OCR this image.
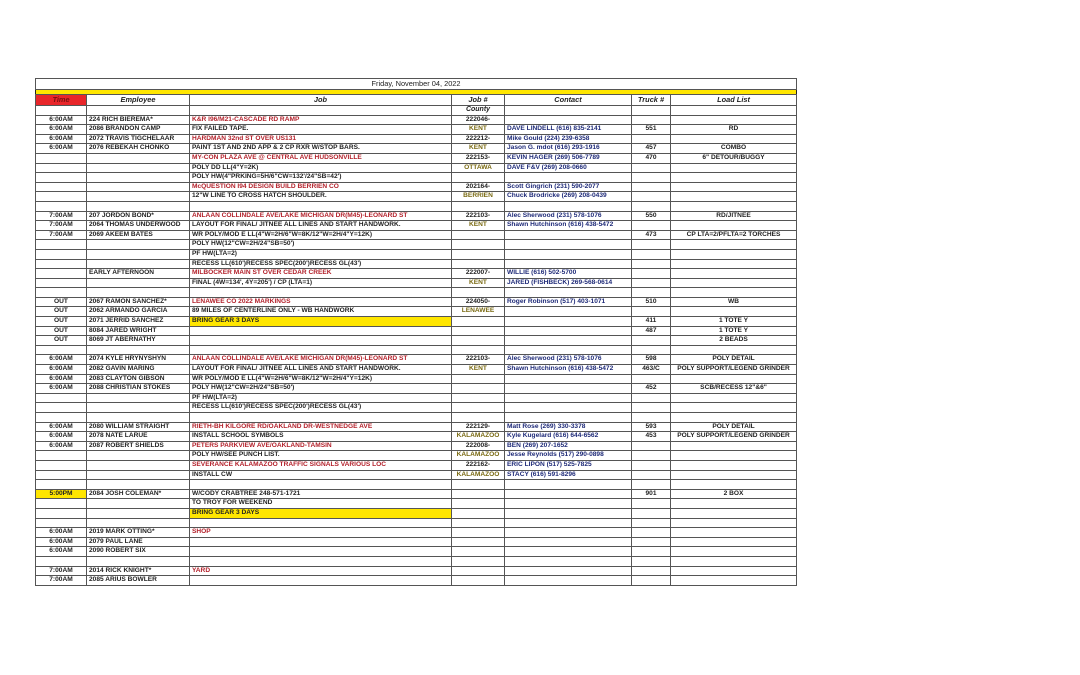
Friday, November 04, 2022						

Time	Employee	Job	Job #	Contact	Truck #	Load List
			County			
6:00AM	224 RICH BIEREMA*	K&R I96/M21-CASCADE RD RAMP	222046-			
6:00AM	2086 BRANDON CAMP	FIX FAILED TAPE.	KENT	DAVE LINDELL (616) 835-2141	551	RD
6:00AM	2072 TRAVIS TIGCHELAAR	HARDMAN 32nd ST OVER US131	222212-	Mike Gould (224) 239-6358		
6:00AM	2076 REBEKAH CHONKO	PAINT 1ST AND 2ND APP & 2 CP RXR W/STOP BARS.	KENT	Jason G. mdot (616) 293-1916	457	COMBO
		MY-CON PLAZA AVE @ CENTRAL AVE HUDSONVILLE	222153-	KEVIN HAGER (269) 506-7789	470	6" DETOUR/BUGGY
		POLY DD LL(4"Y=2K)	OTTAWA	DAVE F&V (269) 208-0660		
		POLY HW(4"PRKING=5H/6"CW=132'/24"SB=42')				
		McQUESTION I94 DESIGN BUILD BERRIEN CO	202164-	Scott Gingrich (231) 590-2077		
		12"W LINE TO CROSS HATCH SHOULDER.	BERRIEN	Chuck Brodricke (269) 208-0439		

7:00AM	207 JORDON BOND*	ANLAAN COLLINDALE AVE/LAKE MICHIGAN DR(M45)-LEONARD ST	222103-	Alec Sherwood (231) 578-1076	550	RD/JITNEE
7:00AM	2064 THOMAS UNDERWOOD	LAYOUT FOR FINAL/ JITNEE ALL LINES AND START HANDWORK.	KENT	Shawn Hutchinson (616) 438-5472		
7:00AM	2069 AKEEM BATES	WR POLY/MOD E LL(4"W=2H/6"W=8K/12"W=2H/4"Y=12K)			473	CP LTA=2/PFLTA=2 TORCHES
		POLY HW(12"CW=2H/24"SB=50')				
		PF HW(LTA=2)				
		RECESS LL(610')RECESS SPEC(200')RECESS GL(43')				
	EARLY AFTERNOON	MILBOCKER MAIN ST OVER CEDAR CREEK	222007-	WILLIE (616) 502-5700		
		FINAL (4W=134', 4Y=205') / CP (LTA=1)	KENT	JARED (FISHBECK) 269-568-0614		

OUT	2067 RAMON SANCHEZ*	LENAWEE CO 2022 MARKINGS	224050-	Roger Robinson (517) 403-1071	510	WB
OUT	2062 ARMANDO GARCIA	89 MILES OF CENTERLINE ONLY - WB HANDWORK	LENAWEE			
OUT	2071 JERRID SANCHEZ	BRING GEAR 3 DAYS			411	1 TOTE Y
OUT	8084 JARED WRIGHT				487	1 TOTE Y
OUT	8069 JT ABERNATHY					2 BEADS

6:00AM	2074 KYLE HRYNYSHYN	ANLAAN COLLINDALE AVE/LAKE MICHIGAN DR(M45)-LEONARD ST	222103-	Alec Sherwood (231) 578-1076	598	POLY DETAIL
6:00AM	2082 GAVIN MARING	LAYOUT FOR FINAL/ JITNEE ALL LINES AND START HANDWORK.	KENT	Shawn Hutchinson (616) 438-5472	463/C	POLY SUPPORT/LEGEND GRINDER
6:00AM	2083 CLAYTON GIBSON	WR POLY/MOD E LL(4"W=2H/6"W=8K/12"W=2H/4"Y=12K)				
6:00AM	2088 CHRISTIAN STOKES	POLY HW(12"CW=2H/24"SB=50')			452	SCB/RECESS 12"&6"
		PF HW(LTA=2)				
		RECESS LL(610')RECESS SPEC(200')RECESS GL(43')				

6:00AM	2080 WILLIAM STRAIGHT	RIETH-BH KILGORE RD/OAKLAND DR-WESTNEDGE AVE	222129-	Matt Rose (269) 330-3378	593	POLY DETAIL
6:00AM	2078 NATE LARUE	INSTALL SCHOOL SYMBOLS	KALAMAZOO	Kyle Kugelard (616) 644-6562	453	POLY SUPPORT/LEGEND GRINDER
6:00AM	2087 ROBERT SHIELDS	PETERS PARKVIEW AVE/OAKLAND-TAMSIN	222008-	BEN (269) 207-1652		
		POLY HW/SEE PUNCH LIST.	KALAMAZOO	Jesse Reynolds (517) 290-0898		
		SEVERANCE KALAMAZOO TRAFFIC SIGNALS VARIOUS LOC	222162-	ERIC LIPON (517) 525-7825		
		INSTALL CW	KALAMAZOO	STACY (616) 591-8296		

5:00PM	2084 JOSH COLEMAN*	W/CODY CRABTREE 248-571-1721			901	2 BOX
		TO TROY FOR WEEKEND				
		BRING GEAR 3 DAYS				

6:00AM	2019 MARK OTTING*	SHOP				
6:00AM	2079 PAUL LANE					
6:00AM	2090 ROBERT SIX					

7:00AM	2014 RICK KNIGHT*	YARD				
7:00AM	2085 ARIUS BOWLER					
